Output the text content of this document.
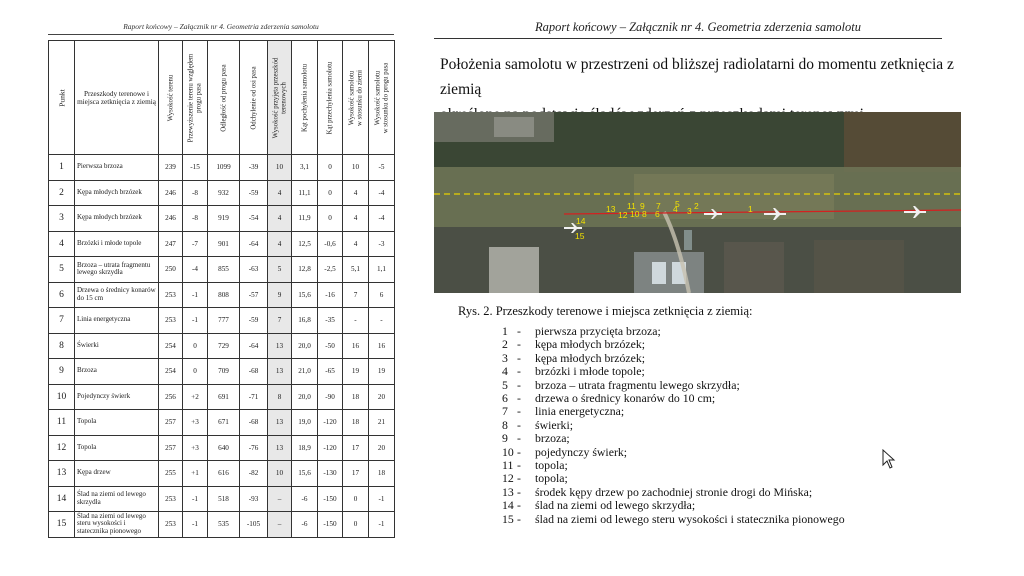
Raport końcowy – Załącznik nr 4. Geometria zderzenia samolotu
Punkt	Przeszkody terenowe i miejsca zetknięcia z ziemią	Wysokość terenu	Przewyższenie terenu względem
progu pasa	Odległość od progu pasa	Odchylenie od osi pasa	Wysokość przyjęta przeszkód
terenowych	Kąt pochylenia samolotu	Kąt przechylenia samolotu	Wysokość samolotu
w stosunku do ziemi	Wysokość samolotu
w stosunku do progu pasa

1	Pierwsza brzoza	239	-15	1099	-39	10	3,1	0	10	-5
2	Kępa młodych brzózek	246	-8	932	-59	4	11,1	0	4	-4
3	Kępa młodych brzózek	246	-8	919	-54	4	11,9	0	4	-4
4	Brzózki i młode topole	247	-7	901	-64	4	12,5	-0,6	4	-3
5	Brzoza – utrata fragmentu lewego skrzydła	250	-4	855	-63	5	12,8	-2,5	5,1	1,1
6	Drzewa o średnicy konarów do 15 cm	253	-1	808	-57	9	15,6	-16	7	6
7	Linia energetyczna	253	-1	777	-59	7	16,8	-35	-	-
8	Świerki	254	0	729	-64	13	20,0	-50	16	16
9	Brzoza	254	0	709	-68	13	21,0	-65	19	19
10	Pojedynczy świerk	256	+2	691	-71	8	20,0	-90	18	20
11	Topola	257	+3	671	-68	13	19,0	-120	18	21
12	Topola	257	+3	640	-76	13	18,9	-120	17	20
13	Kępa drzew	255	+1	616	-82	10	15,6	-130	17	18
14	Ślad na ziemi od lewego skrzydła	253	-1	518	-93	–	-6	-150	0	-1
15	Ślad na ziemi od lewego steru wysokości i statecznika pionowego	253	-1	535	-105	–	-6	-150	0	-1
Raport końcowy – Załącznik nr 4. Geometria zderzenia samolotu
Położenia samolotu w przestrzeni od bliższej radiolatarni do momentu zetknięcia z ziemią
1
2
3
4
5
6
7
8
9
10
11
12
13
14
15
Rys. 2. Przeszkody terenowe i miejsca zetknięcia z ziemią:
1 -	pierwsza przycięta brzoza;
2 -	kępa młodych brzózek;
3 -	kępa młodych brzózek;
4 -	brzózki i młode topole;
5 -	brzoza – utrata fragmentu lewego skrzydła;
6 -	drzewa o średnicy konarów do 10 cm;
7 -	linia energetyczna;
8 -	świerki;
9 -	brzoza;
10 -	pojedynczy świerk;
11 -	topola;
12 -	topola;
13 -	środek kępy drzew po zachodniej stronie drogi do Mińska;
14 -	ślad na ziemi od lewego skrzydła;
15 -	ślad na ziemi od lewego steru wysokości i statecznika pionowego
